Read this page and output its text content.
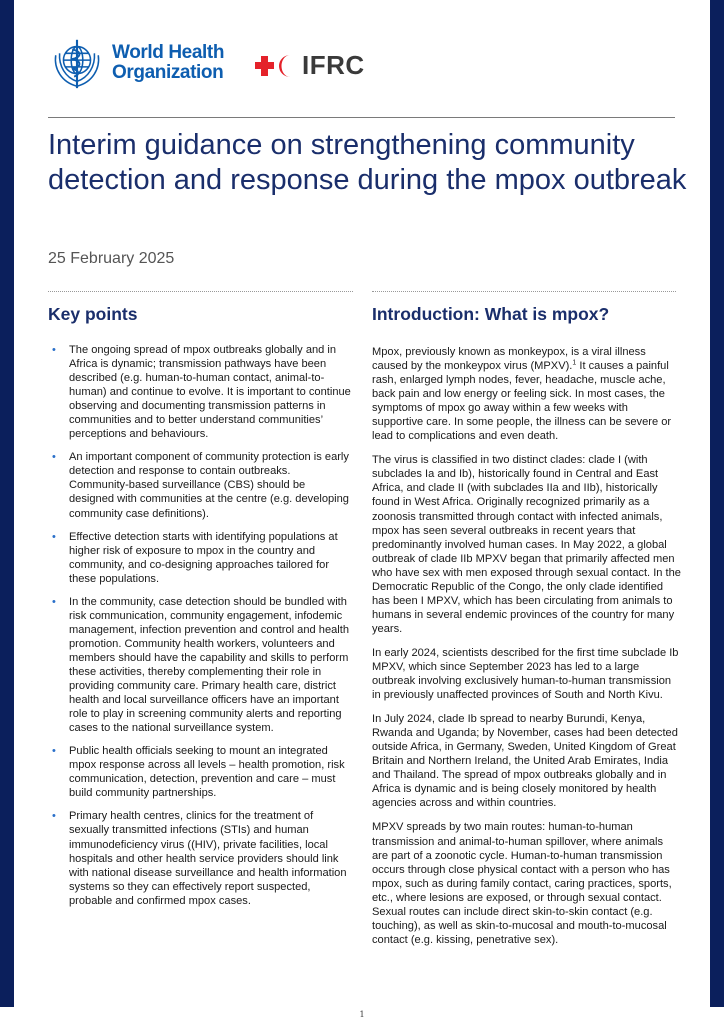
World Health
Organization	IFRC
Interim guidance on strengthening community detection and response during the mpox outbreak
25 February 2025
Key points	Introduction: What is mpox?
• The ongoing spread of mpox outbreaks globally and in Africa is dynamic; transmission pathways have been described (e.g. human-to-human contact, animal-to-human) and continue to evolve. It is important to continue observing and documenting transmission patterns in communities and to better understand communities’ perceptions and behaviours.
• An important component of community protection is early detection and response to contain outbreaks. Community-based surveillance (CBS) should be designed with communities at the centre (e.g. developing community case definitions).
• Effective detection starts with identifying populations at higher risk of exposure to mpox in the country and community, and co-designing approaches tailored for these populations.
• In the community, case detection should be bundled with risk communication, community engagement, infodemic management, infection prevention and control and health promotion. Community health workers, volunteers and members should have the capability and skills to perform these activities, thereby complementing their role in providing community care. Primary health care, district health and local surveillance officers have an important role to play in screening community alerts and reporting cases to the national surveillance system.
• Public health officials seeking to mount an integrated mpox response across all levels – health promotion, risk communication, detection, prevention and care – must build community partnerships.
• Primary health centres, clinics for the treatment of sexually transmitted infections (STIs) and human immunodeficiency virus ((HIV), private facilities, local hospitals and other health service providers should link with national disease surveillance and health information systems so they can effectively report suspected, probable and confirmed mpox cases.

Mpox, previously known as monkeypox, is a viral illness caused by the monkeypox virus (MPXV).$^1$ It causes a painful rash, enlarged lymph nodes, fever, headache, muscle ache, back pain and low energy or feeling sick. In most cases, the symptoms of mpox go away within a few weeks with supportive care. In some people, the illness can be severe or lead to complications and even death.

The virus is classified in two distinct clades: clade I (with subclades Ia and Ib), historically found in Central and East Africa, and clade II (with subclades IIa and IIb), historically found in West Africa. Originally recognized primarily as a zoonosis transmitted through contact with infected animals, mpox has seen several outbreaks in recent years that predominantly involved human cases. In May 2022, a global outbreak of clade IIb MPXV began that primarily affected men who have sex with men exposed through sexual contact. In the Democratic Republic of the Congo, the only clade identified has been I MPXV, which has been circulating from animals to humans in several endemic provinces of the country for many years.

In early 2024, scientists described for the first time subclade Ib MPXV, which since September 2023 has led to a large outbreak involving exclusively human-to-human transmission in previously unaffected provinces of South and North Kivu.

In July 2024, clade Ib spread to nearby Burundi, Kenya, Rwanda and Uganda; by November, cases had been detected outside Africa, in Germany, Sweden, United Kingdom of Great Britain and Northern Ireland, the United Arab Emirates, India and Thailand. The spread of mpox outbreaks globally and in Africa is dynamic and is being closely monitored by health agencies across and within countries.

MPXV spreads by two main routes: human-to-human transmission and animal-to-human spillover, where animals are part of a zoonotic cycle. Human-to-human transmission occurs through close physical contact with a person who has mpox, such as during family contact, caring practices, sports, etc., where lesions are exposed, or through sexual contact. Sexual routes can include direct skin-to-skin contact (e.g. touching), as well as skin-to-mucosal and mouth-to-mucosal contact (e.g. kissing, penetrative sex).

1
